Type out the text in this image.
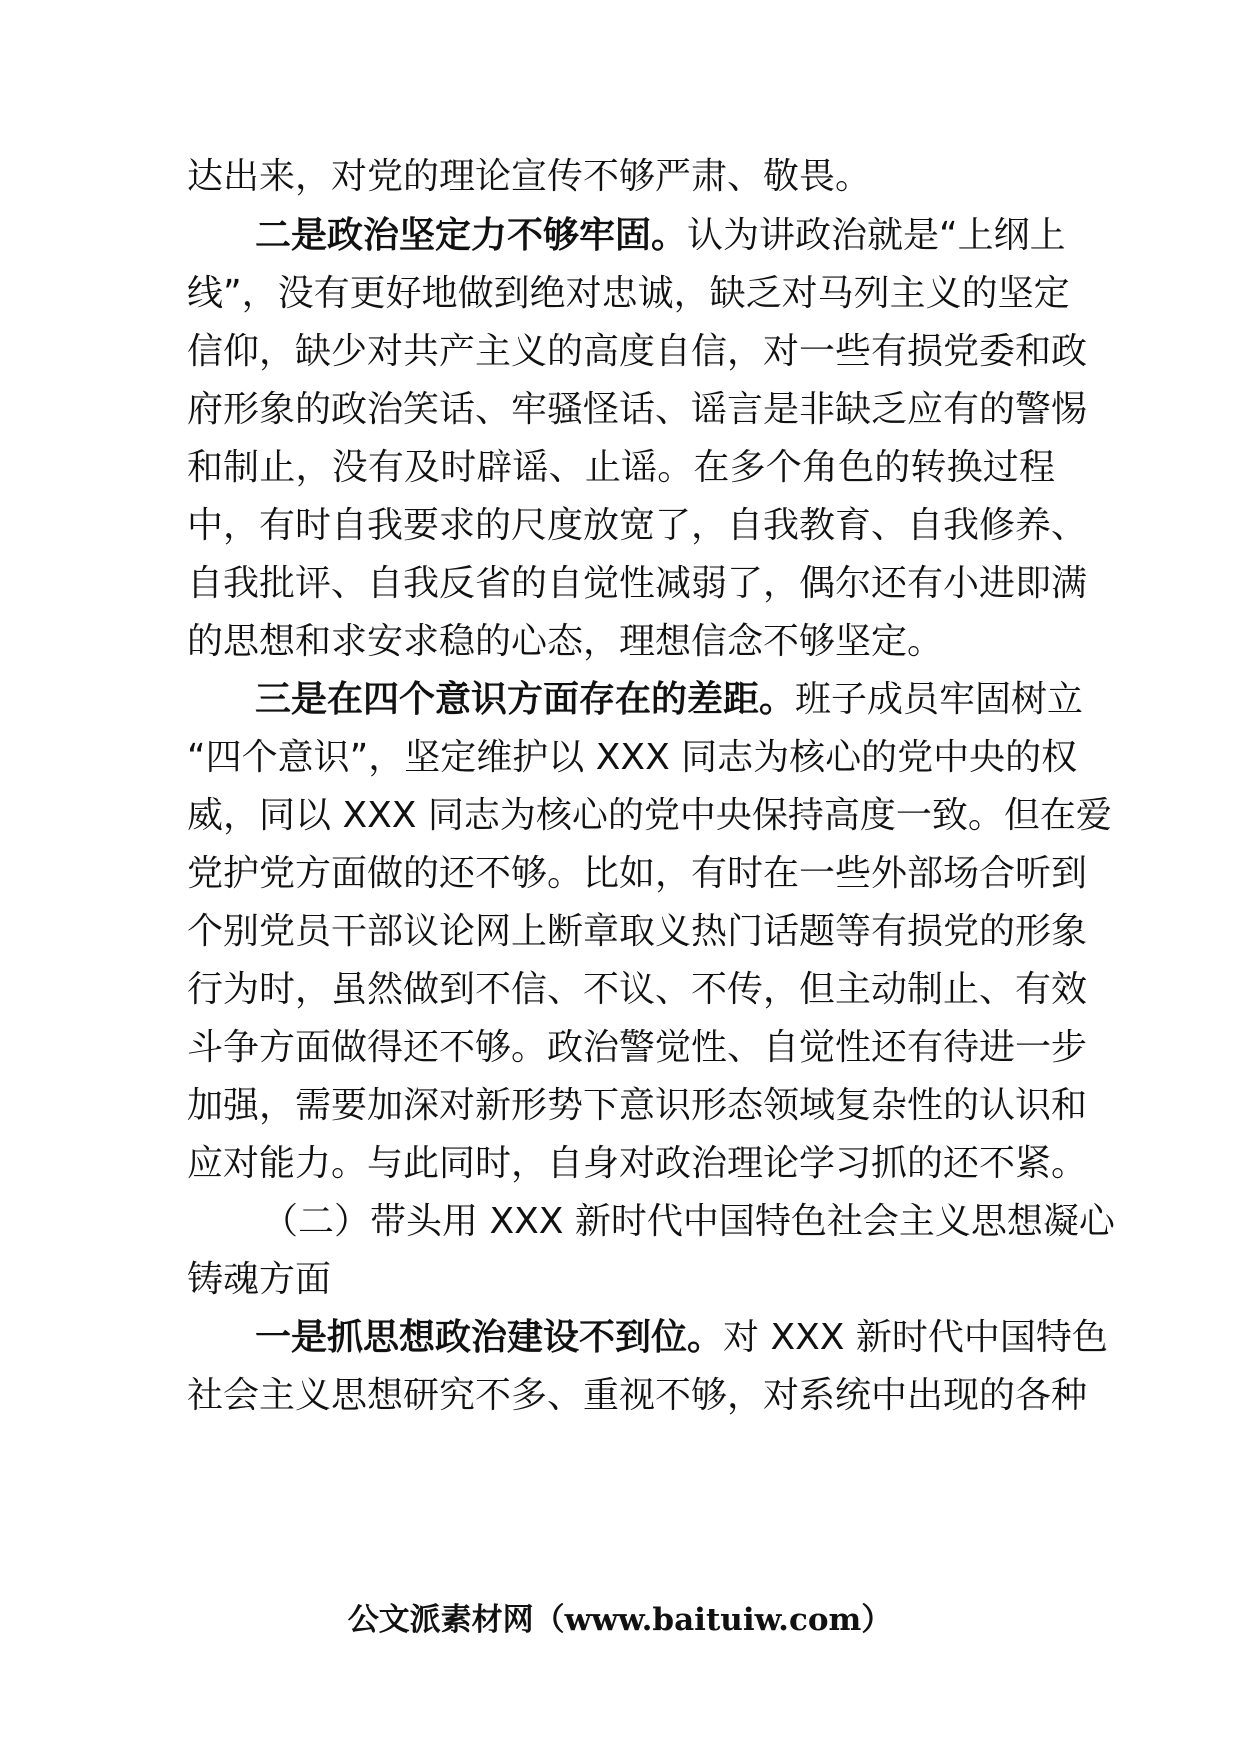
达出来，对党的理论宣传不够严肃、敬畏。
二是政治坚定力不够牢固。认为讲政治就是“上纲上
线”，没有更好地做到绝对忠诚，缺乏对马列主义的坚定
信仰，缺少对共产主义的高度自信，对一些有损党委和政
府形象的政治笑话、牢骚怪话、谣言是非缺乏应有的警惕
和制止，没有及时辟谣、止谣。在多个角色的转换过程
中，有时自我要求的尺度放宽了，自我教育、自我修养、
自我批评、自我反省的自觉性减弱了，偶尔还有小进即满
的思想和求安求稳的心态，理想信念不够坚定。
三是在四个意识方面存在的差距。班子成员牢固树立
“四个意识”，坚定维护以 XXX 同志为核心的党中央的权
威，同以 XXX 同志为核心的党中央保持高度一致。但在爱
党护党方面做的还不够。比如，有时在一些外部场合听到
个别党员干部议论网上断章取义热门话题等有损党的形象
行为时，虽然做到不信、不议、不传，但主动制止、有效
斗争方面做得还不够。政治警觉性、自觉性还有待进一步
加强，需要加深对新形势下意识形态领域复杂性的认识和
应对能力。与此同时，自身对政治理论学习抓的还不紧。
（二）带头用 XXX 新时代中国特色社会主义思想凝心
铸魂方面
一是抓思想政治建设不到位。对 XXX 新时代中国特色
社会主义思想研究不多、重视不够，对系统中出现的各种
公文派素材网（www.baituiw.com）
